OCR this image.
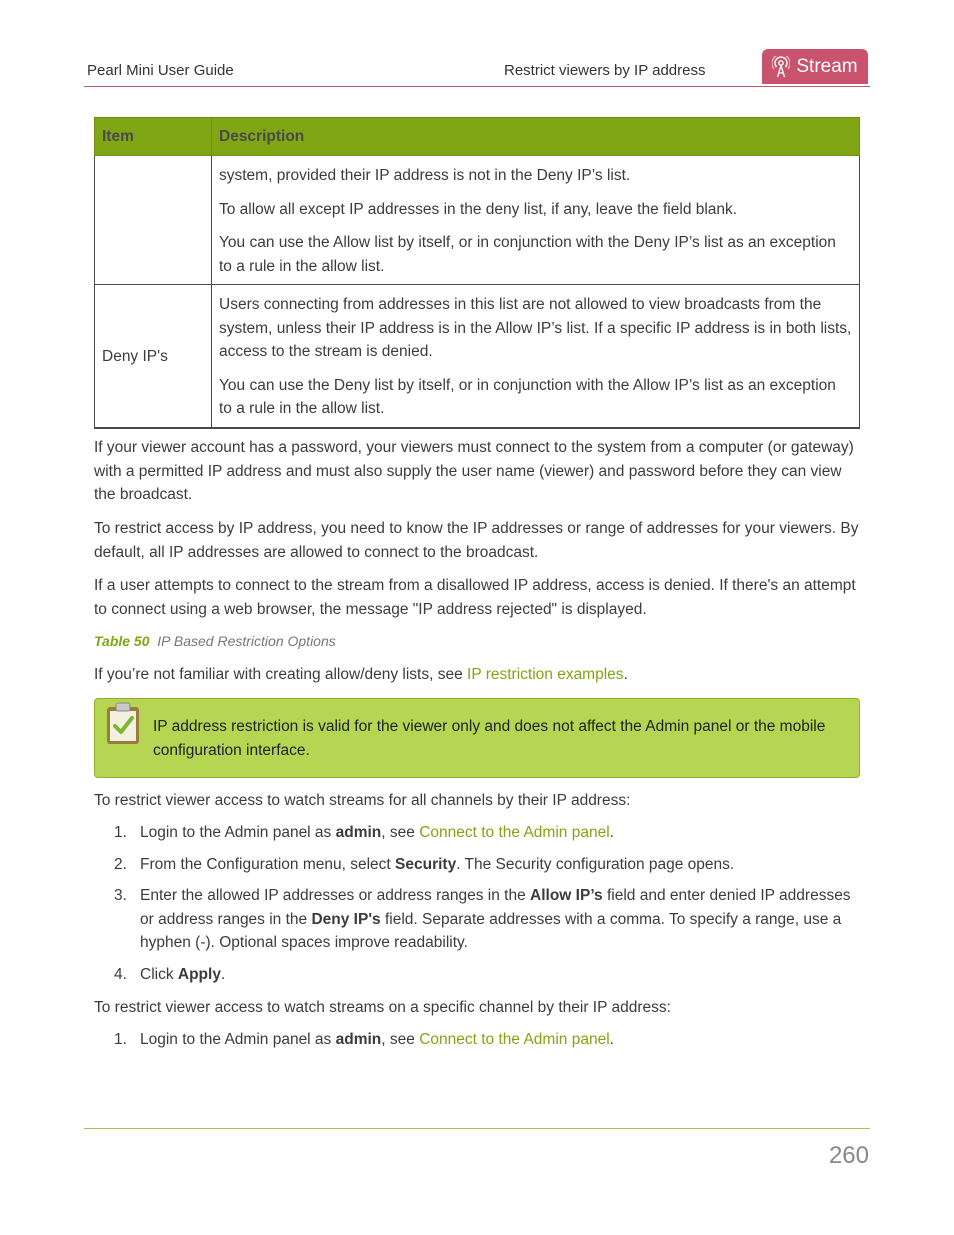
Pearl Mini User Guide	Restrict viewers by IP address	Stream
Item	Description

	system, provided their IP address is not in the Deny IP’s list.

To allow all except IP addresses in the deny list, if any, leave the field blank.

You can use the Allow list by itself, or in conjunction with the Deny IP’s list as an exception to a rule in the allow list.

Deny IP's	Users connecting from addresses in this list are not allowed to view broadcasts from the system, unless their IP address is in the Allow IP’s list. If a specific IP address is in both lists, access to the stream is denied.

You can use the Deny list by itself, or in conjunction with the Allow IP’s list as an exception to a rule in the allow list.

If your viewer account has a password, your viewers must connect to the system from a computer (or gateway) with a permitted IP address and must also supply the user name (viewer) and password before they can view the broadcast.

To restrict access by IP address, you need to know the IP addresses or range of addresses for your viewers. By default, all IP addresses are allowed to connect to the broadcast.

If a user attempts to connect to the stream from a disallowed IP address, access is denied. If there's an attempt to connect using a web browser, the message "IP address rejected" is displayed.

Table 50 IP Based Restriction Options
If you’re not familiar with creating allow/deny lists, see IP restriction examples.
IP address restriction is valid for the viewer only and does not affect the Admin panel or the mobile configuration interface.
To restrict viewer access to watch streams for all channels by their IP address:
1. Login to the Admin panel as admin, see Connect to the Admin panel.
2. From the Configuration menu, select Security. The Security configuration page opens.
3. Enter the allowed IP addresses or address ranges in the Allow IP’s field and enter denied IP addresses or address ranges in the Deny IP's field. Separate addresses with a comma. To specify a range, use a hyphen (-). Optional spaces improve readability.
4. Click Apply.
To restrict viewer access to watch streams on a specific channel by their IP address:
1. Login to the Admin panel as admin, see Connect to the Admin panel.
260
